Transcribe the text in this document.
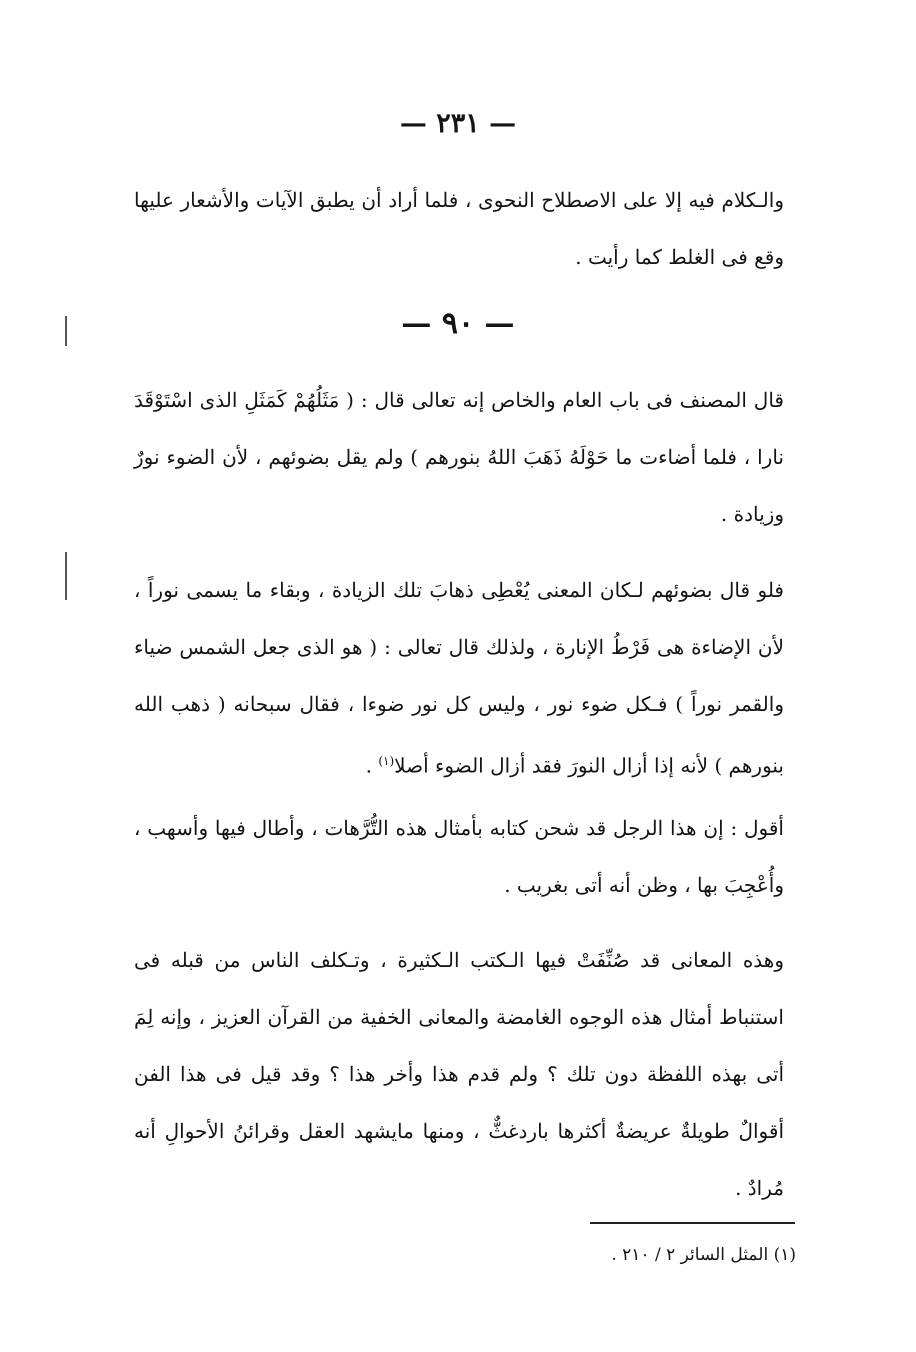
— ٢٣١ —

والـكلام فيه إلا على الاصطلاح النحوى ، فلما أراد أن يطبق الآيات والأشعار عليها وقع فى الغلط كما رأيت .

— ٩٠ —

قال المصنف فى باب العام والخاص إنه تعالى قال : ( مَثَلُهُمْ كَمَثَلِ الذى اسْتَوْقَدَ نارا ، فلما أضاءت ما حَوْلَهُ ذَهَبَ اللهُ بنورهم ) ولم يقل بضوئهم ، لأن الضوء نورٌ وزيادة .

فلو قال بضوئهم لـكان المعنى يُعْطِى ذهابَ تلك الزيادة ، وبقاء ما يسمى نوراً ، لأن الإضاءة هى فَرْطُ الإنارة ، ولذلك قال تعالى : ( هو الذى جعل الشمس ضياء والقمر نوراً ) فـكل ضوء نور ، وليس كل نور ضوءا ، فقال سبحانه ( ذهب الله بنورهم ) لأنه إذا أزال النورَ فقد أزال الضوء أصلا$^{(١)}$ .

أقول : إن هذا الرجل قد شحن كتابه بأمثال هذه التُّرَّهات ، وأطال فيها وأسهب ، وأُعْجِبَ بها ، وظن أنه أتى بغريب .

وهذه المعانى قد صُنِّفَتْ فيها الـكتب الـكثيرة ، وتـكلف الناس من قبله فى استنباط أمثال هذه الوجوه الغامضة والمعانى الخفية من القرآن العزيز ، وإنه لِمَ أتى بهذه اللفظة دون تلك ؟ ولم قدم هذا وأخر هذا ؟ وقد قيل فى هذا الفن أقوالٌ طويلةٌ عريضةٌ أكثرها باردغثٌّ ، ومنها مايشهد العقل وقرائنُ الأحوالِ أنه مُرادٌ .

(١) المثل السائر ٢ / ٢١٠ .
